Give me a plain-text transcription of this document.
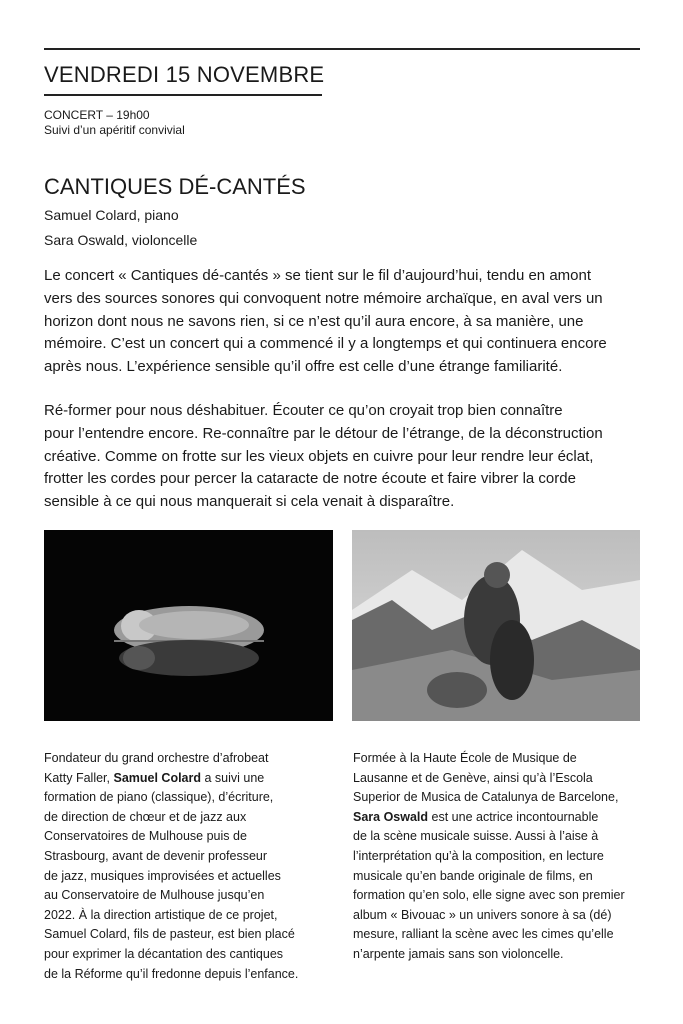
VENDREDI 15 NOVEMBRE
CONCERT – 19h00
Suivi d’un apéritif convivial
CANTIQUES DÉ-CANTÉS
Samuel Colard, piano
Sara Oswald, violoncelle
Le concert « Cantiques dé-cantés » se tient sur le fil d’aujourd’hui, tendu en amont
vers des sources sonores qui convoquent notre mémoire archaïque, en aval vers un
horizon dont nous ne savons rien, si ce n’est qu’il aura encore, à sa manière, une
mémoire. C’est un concert qui a commencé il y a longtemps et qui continuera encore
après nous. L’expérience sensible qu’il offre est celle d’une étrange familiarité.
Ré-former pour nous déshabituer. Écouter ce qu’on croyait trop bien connaître
pour l’entendre encore. Re-connaître par le détour de l’étrange, de la déconstruction
créative. Comme on frotte sur les vieux objets en cuivre pour leur rendre leur éclat,
frotter les cordes pour percer la cataracte de notre écoute et faire vibrer la corde
sensible à ce qui nous manquerait si cela venait à disparaître.
Fondateur du grand orchestre d’afrobeat
Katty Faller, Samuel Colard a suivi une
formation de piano (classique), d’écriture,
de direction de chœur et de jazz aux
Conservatoires de Mulhouse puis de
Strasbourg, avant de devenir professeur
de jazz, musiques improvisées et actuelles
au Conservatoire de Mulhouse jusqu’en
2022. À la direction artistique de ce projet,
Samuel Colard, fils de pasteur, est bien placé
pour exprimer la décantation des cantiques
de la Réforme qu’il fredonne depuis l’enfance.
Formée à la Haute École de Musique de
Lausanne et de Genève, ainsi qu’à l’Escola
Superior de Musica de Catalunya de Barcelone,
Sara Oswald est une actrice incontournable
de la scène musicale suisse. Aussi à l’aise à
l’interprétation qu’à la composition, en lecture
musicale qu’en bande originale de films, en
formation qu’en solo, elle signe avec son premier
album « Bivouac » un univers sonore à sa (dé)
mesure, ralliant la scène avec les cimes qu’elle
n’arpente jamais sans son violoncelle.
